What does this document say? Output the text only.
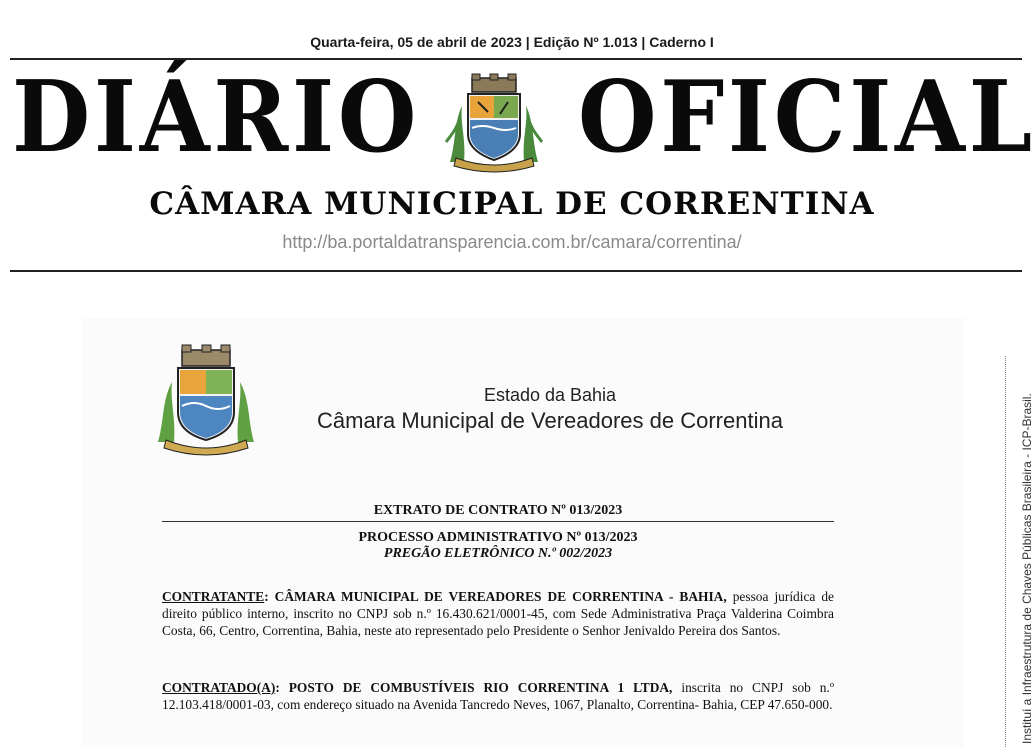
Quarta-feira, 05 de abril de 2023 | Edição Nº 1.013 | Caderno I
DIÁRIO OFICIAL
CÂMARA MUNICIPAL DE CORRENTINA
http://ba.portaldatransparencia.com.br/camara/correntina/
Estado da Bahia
Câmara Municipal de Vereadores de Correntina
EXTRATO DE CONTRATO Nº 013/2023
PROCESSO ADMINISTRATIVO Nº 013/2023
PREGÃO ELETRÔNICO N.º 002/2023
CONTRATANTE: CÂMARA MUNICIPAL DE VEREADORES DE CORRENTINA - BAHIA, pessoa jurídica de direito público interno, inscrito no CNPJ sob n.º 16.430.621/0001-45, com Sede Administrativa Praça Valderina Coimbra Costa, 66, Centro, Correntina, Bahia, neste ato representado pelo Presidente o Senhor Jenivaldo Pereira dos Santos.
CONTRATADO(A): POSTO DE COMBUSTÍVEIS RIO CORRENTINA 1 LTDA, inscrita no CNPJ sob n.º 12.103.418/0001-03, com endereço situado na Avenida Tancredo Neves, 1067, Planalto, Correntina- Bahia, CEP 47.650-000.	Instituí a Infraestrutura de Chaves Públicas Brasileira - ICP-Brasil.
